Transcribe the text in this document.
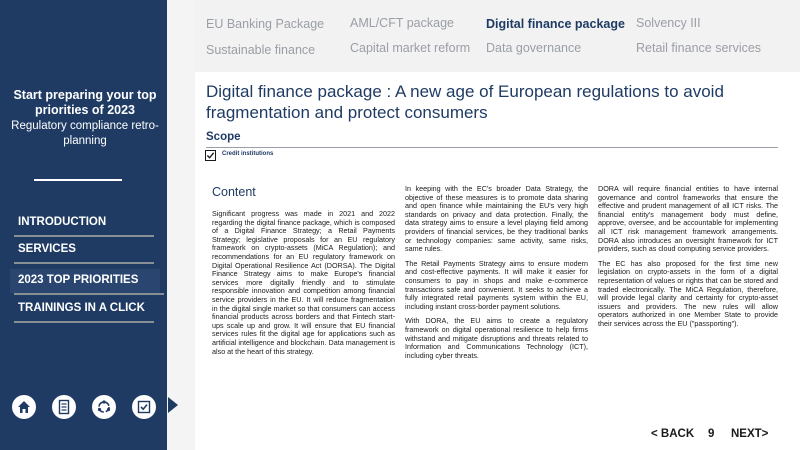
Start preparing your top priorities of 2023
Regulatory compliance retro-planning
INTRODUCTION
SERVICES
2023 TOP PRIORITIES
TRAININGS IN A CLICK
EU Banking Package AML/CFT package	Digital finance package Solvency III
Sustainable finance	Capital market reform Data governance	Retail finance services
Digital finance package : A new age of European regulations to avoid fragmentation and protect consumers
Scope
Credit institutions
Content

Significant progress was made in 2021 and 2022 regarding the digital finance package, which is composed of a Digital Finance Strategy; a Retail Payments Strategy; legislative proposals for an EU regulatory framework on crypto-assets (MiCA Regulation); and recommendations for an EU regulatory framework on Digital Operational Resilience Act (DORSA). The Digital Finance Strategy aims to make Europe's financial services more digitally friendly and to stimulate responsible innovation and competition among financial service providers in the EU. It will reduce fragmentation in the digital single market so that consumers can access financial products across borders and that Fintech start-ups scale up and grow. It will ensure that EU financial services rules fit the digital age for applications such as artificial intelligence and blockchain. Data management is also at the heart of this strategy.

In keeping with the EC's broader Data Strategy, the objective of these measures is to promote data sharing and open finance while maintaining the EU's very high standards on privacy and data protection. Finally, the data strategy aims to ensure a level playing field among providers of financial services, be they traditional banks or technology companies: same activity, same risks, same rules.

The Retail Payments Strategy aims to ensure modern and cost-effective payments. It will make it easier for consumers to pay in shops and make e-commerce transactions safe and convenient. It seeks to achieve a fully integrated retail payments system within the EU, including instant cross-border payment solutions.

With DORA, the EU aims to create a regulatory framework on digital operational resilience to help firms withstand and mitigate disruptions and threats related to Information and Communications Technology (ICT), including cyber threats.

DORA will require financial entities to have internal governance and control frameworks that ensure the effective and prudent management of all ICT risks. The financial entity's management body must define, approve, oversee, and be accountable for implementing all ICT risk management framework arrangements. DORA also introduces an oversight framework for ICT providers, such as cloud computing service providers.

The EC has also proposed for the first time new legislation on crypto-assets in the form of a digital representation of values or rights that can be stored and traded electronically. The MiCA Regulation, therefore, will provide legal clarity and certainty for crypto-asset issuers and providers. The new rules will allow operators authorized in one Member State to provide their services across the EU ("passporting").

< BACK 9 NEXT>
